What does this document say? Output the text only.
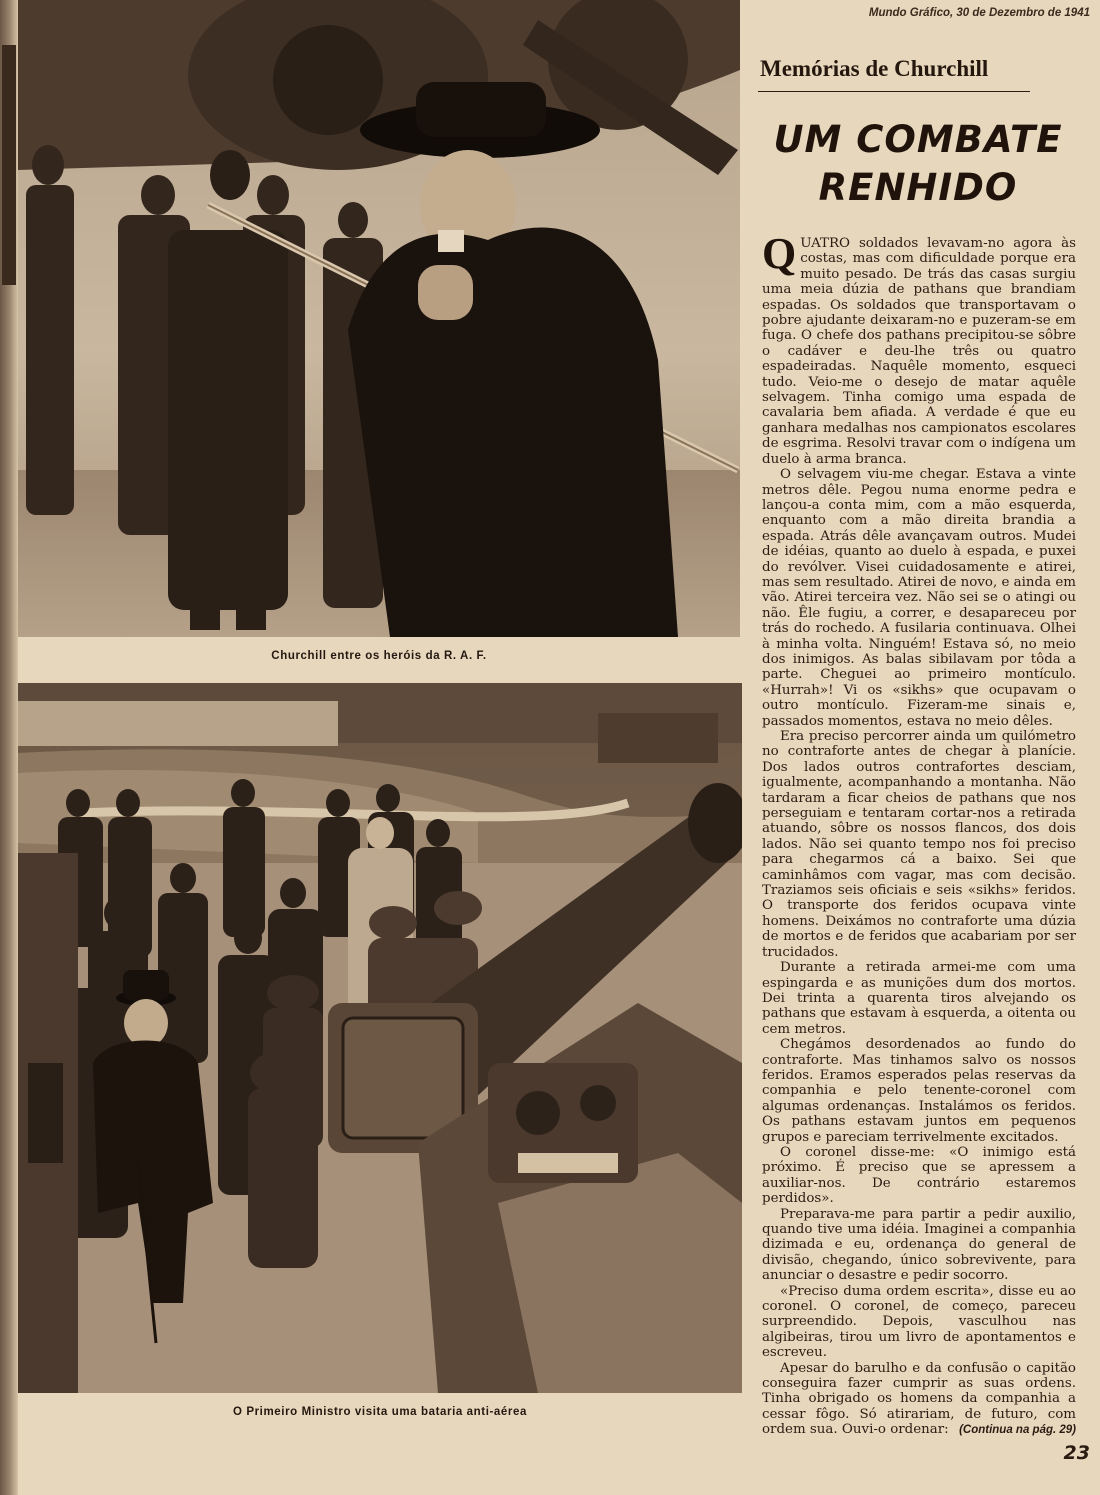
Churchill entre os heróis da R. A. F.
O Primeiro Ministro visita uma bataria anti-aérea
Mundo Gráfico, 30 de Dezembro de 1941
Memórias de Churchill
UM COMBATE
RENHIDO

QUATRO soldados levavam-no agora às costas, mas com dificuldade porque era muito pesado. De trás das casas surgiu uma meia dúzia de pathans que brandiam espadas. Os soldados que transportavam o pobre ajudante deixaram-no e puzeram-se em fuga. O chefe dos pathans precipitou-se sôbre o cadáver e deu-lhe três ou quatro espadeiradas. Naquêle momento, esqueci tudo. Veio-me o desejo de matar aquêle selvagem. Tinha comigo uma espada de cavalaria bem afiada. A verdade é que eu ganhara medalhas nos campionatos escolares de esgrima. Resolvi travar com o indígena um duelo à arma branca.

O selvagem viu-me chegar. Estava a vinte metros dêle. Pegou numa enorme pedra e lançou-a conta mim, com a mão esquerda, enquanto com a mão direita brandia a espada. Atrás dêle avançavam outros. Mudei de idéias, quanto ao duelo à espada, e puxei do revólver. Visei cuidadosamente e atirei, mas sem resultado. Atirei de novo, e ainda em vão. Atirei terceira vez. Não sei se o atingi ou não. Êle fugiu, a correr, e desapareceu por trás do rochedo. A fusilaria continuava. Olhei à minha volta. Ninguém! Estava só, no meio dos inimigos. As balas sibilavam por tôda a parte. Cheguei ao primeiro montículo. «Hurrah»! Vi os «sikhs» que ocupavam o outro montículo. Fizeram-me sinais e, passados momentos, estava no meio dêles.

Era preciso percorrer ainda um quilómetro no contraforte antes de chegar à planície. Dos lados outros contrafortes desciam, igualmente, acompanhando a montanha. Não tardaram a ficar cheios de pathans que nos perseguiam e tentaram cortar-nos a retirada atuando, sôbre os nossos flancos, dos dois lados. Não sei quanto tempo nos foi preciso para chegarmos cá a baixo. Sei que caminhâmos com vagar, mas com decisão. Traziamos seis oficiais e seis «sikhs» feridos. O transporte dos feridos ocupava vinte homens. Deixámos no contraforte uma dúzia de mortos e de feridos que acabariam por ser trucidados.

Durante a retirada armei-me com uma espingarda e as munições dum dos mortos. Dei trinta a quarenta tiros alvejando os pathans que estavam à esquerda, a oitenta ou cem metros.

Chegámos desordenados ao fundo do contraforte. Mas tinhamos salvo os nossos feridos. Eramos esperados pelas reservas da companhia e pelo tenente-coronel com algumas ordenanças. Instalámos os feridos. Os pathans estavam juntos em pequenos grupos e pareciam terrivelmente excitados.

O coronel disse-me: «O inimigo está próximo. É preciso que se apressem a auxiliar-nos. De contrário estaremos perdidos».

Preparava-me para partir a pedir auxilio, quando tive uma idéia. Imaginei a companhia dizimada e eu, ordenança do general de divisão, chegando, único sobrevivente, para anunciar o desastre e pedir socorro.

«Preciso duma ordem escrita», disse eu ao coronel. O coronel, de começo, pareceu surpreendido. Depois, vasculhou nas algibeiras, tirou um livro de apontamentos e escreveu.

Apesar do barulho e da confusão o capitão conseguira fazer cumprir as suas ordens. Tinha obrigado os homens da companhia a cessar fôgo. Só atirariam, de futuro, com ordem sua. Ouvi-o ordenar: (Continua na pág. 29)
23
